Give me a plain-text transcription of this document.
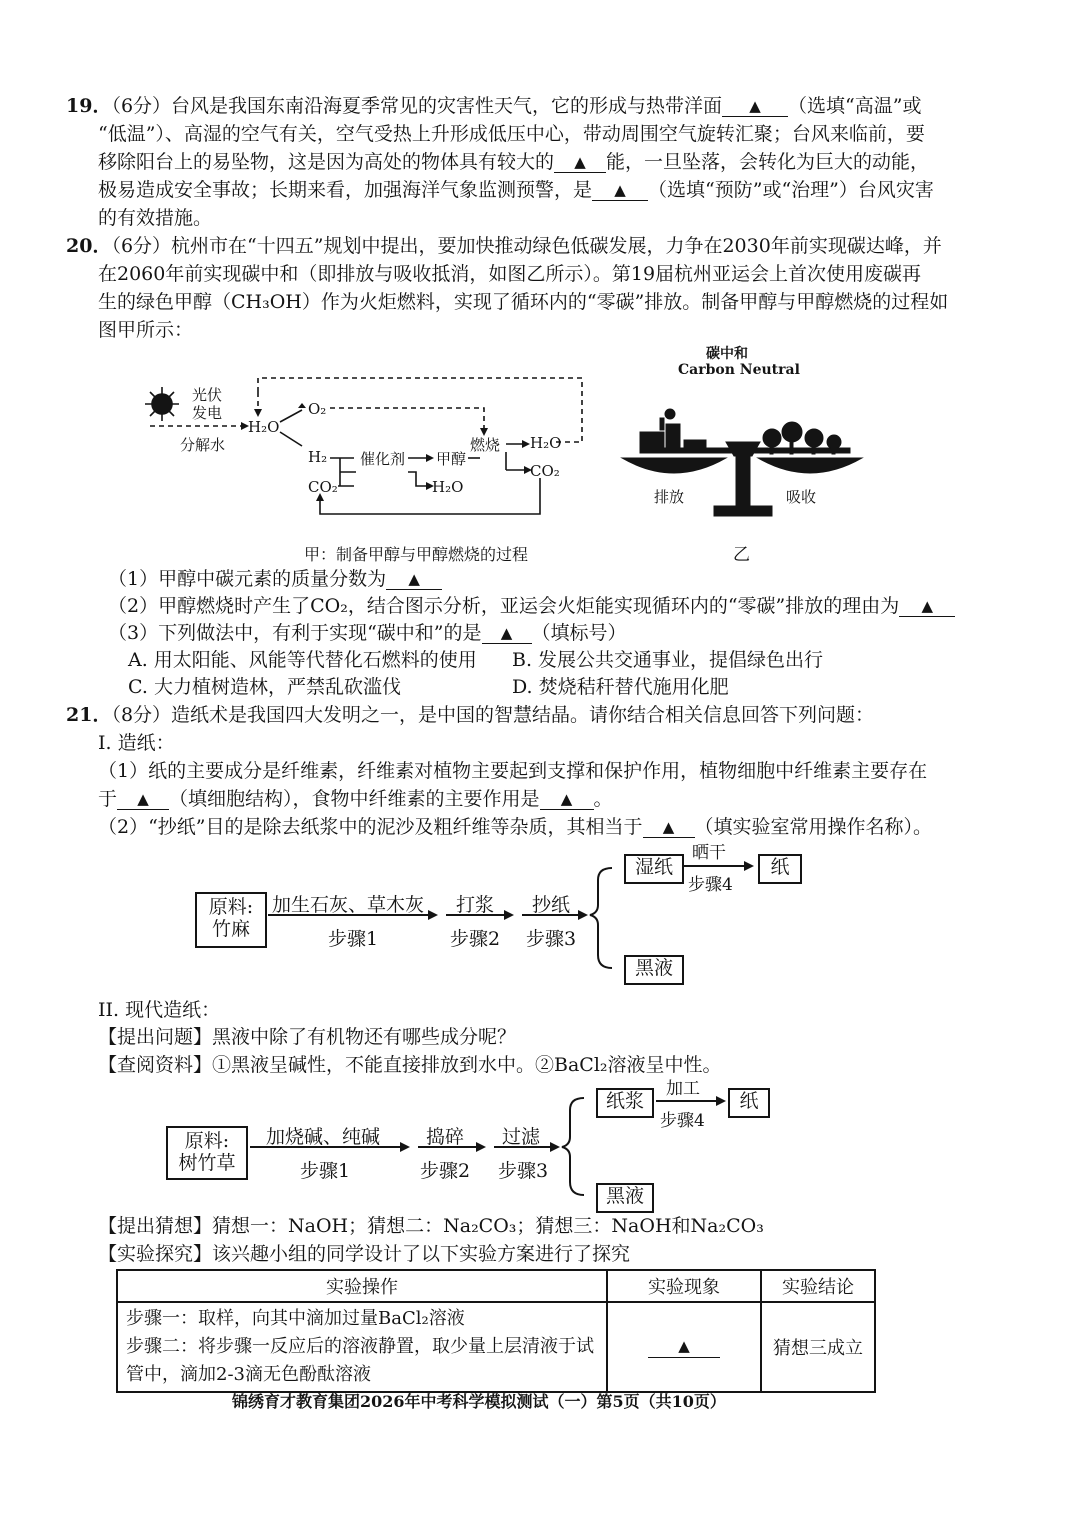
19．（6分）台风是我国东南沿海夏季常见的灾害性天气，它的形成与热带洋面 ▲ （选填“高温”或
“低温”）、高湿的空气有关，空气受热上升形成低压中心，带动周围空气旋转汇聚；台风来临前，要
移除阳台上的易坠物，这是因为高处的物体具有较大的 ▲ 能，一旦坠落，会转化为巨大的动能，
极易造成安全事故；长期来看，加强海洋气象监测预警，是 ▲ （选填“预防”或“治理”）台风灾害
的有效措施。
20．（6分）杭州市在“十四五”规划中提出，要加快推动绿色低碳发展，力争在2030年前实现碳达峰，并
在2060年前实现碳中和（即排放与吸收抵消，如图乙所示）。第19届杭州亚运会上首次使用废碳再
生的绿色甲醇（CH₃OH）作为火炬燃料，实现了循环内的“零碳”排放。制备甲醇与甲醇燃烧的过程如
图甲所示：
光伏
发电
分解水
H₂O
O₂
H₂
CO₂
催化剂 甲醇
燃烧 H₂O
CO₂
H₂O
甲：制备甲醇与甲醇燃烧的过程
碳中和
Carbon Neutral
排放	吸收
乙
（1）甲醇中碳元素的质量分数为 ▲
（2）甲醇燃烧时产生了CO₂，结合图示分析，亚运会火炬能实现循环内的“零碳”排放的理由为 ▲
（3）下列做法中，有利于实现“碳中和”的是 ▲ （填标号）
A. 用太阳能、风能等代替化石燃料的使用 B. 发展公共交通事业，提倡绿色出行
C. 大力植树造林，严禁乱砍滥伐	D. 焚烧秸秆替代施用化肥
21．（8分）造纸术是我国四大发明之一，是中国的智慧结晶。请你结合相关信息回答下列问题：
I. 造纸：
（1）纸的主要成分是纤维素，纤维素对植物主要起到支撑和保护作用，植物细胞中纤维素主要存在
于 ▲ （填细胞结构），食物中纤维素的主要作用是 ▲ 。
（2）“抄纸”目的是除去纸浆中的泥沙及粗纤维等杂质，其相当于 ▲ （填实验室常用操作名称）。
原料:
竹麻
加生石灰、草木灰
步骤1
打浆
步骤2
抄纸
步骤3
湿纸
晒干
步骤4
纸
黑液
II. 现代造纸：
【提出问题】黑液中除了有机物还有哪些成分呢？
【查阅资料】①黑液呈碱性，不能直接排放到水中。②BaCl₂溶液呈中性。
原料:
树竹草
加烧碱、纯碱
步骤1
捣碎
步骤2
过滤
步骤3
纸浆
加工
步骤4
纸
黑液
【提出猜想】猜想一：NaOH；猜想二：Na₂CO₃；猜想三：NaOH和Na₂CO₃
【实验探究】该兴趣小组的同学设计了以下实验方案进行了探究
实验操作	实验现象	实验结论

步骤一：取样，向其中滴加过量BaCl₂溶液
步骤二：将步骤一反应后的溶液静置，取少量上层清液于试
管中，滴加2-3滴无色酚酞溶液	▲	猜想三成立
锦绣育才教育集团2026年中考科学模拟测试（一）第5页（共10页）
